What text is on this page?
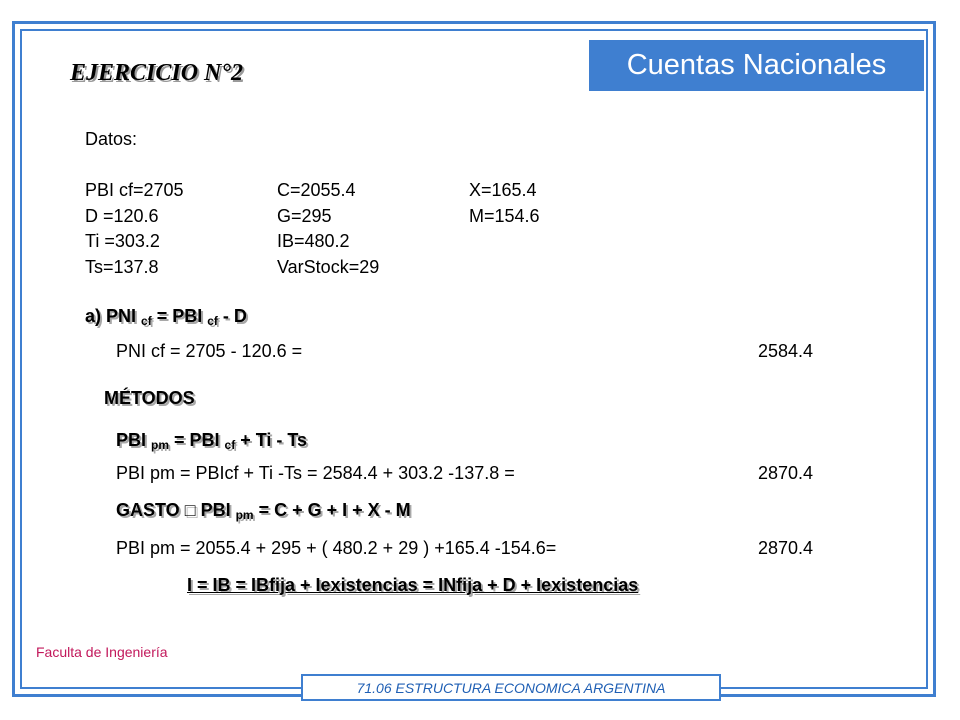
Cuentas Nacionales
EJERCICIO N°2
Datos:
PBI cf=2705	C=2055.4	X=165.4
D =120.6	G=295	M=154.6
Ti =303.2	IB=480.2
Ts=137.8	VarStock=29
a) PNI $_{cf}$ = PBI $_{cf}$ - D
PNI cf = 2705 - 120.6 =	2584.4
MÉTODOS
PBI $_{pm}$ = PBI $_{cf}$ + Ti - Ts
PBI pm = PBIcf + Ti -Ts = 2584.4 + 303.2 -137.8 =	2870.4
GASTO □ PBI $_{pm}$ = C + G + I + X - M
PBI pm = 2055.4 + 295 + ( 480.2 + 29 ) +165.4 -154.6=	2870.4
I = IB = IBfija + Iexistencias = INfija + D + Iexistencias
Faculta de Ingeniería
71.06 ESTRUCTURA ECONOMICA ARGENTINA
